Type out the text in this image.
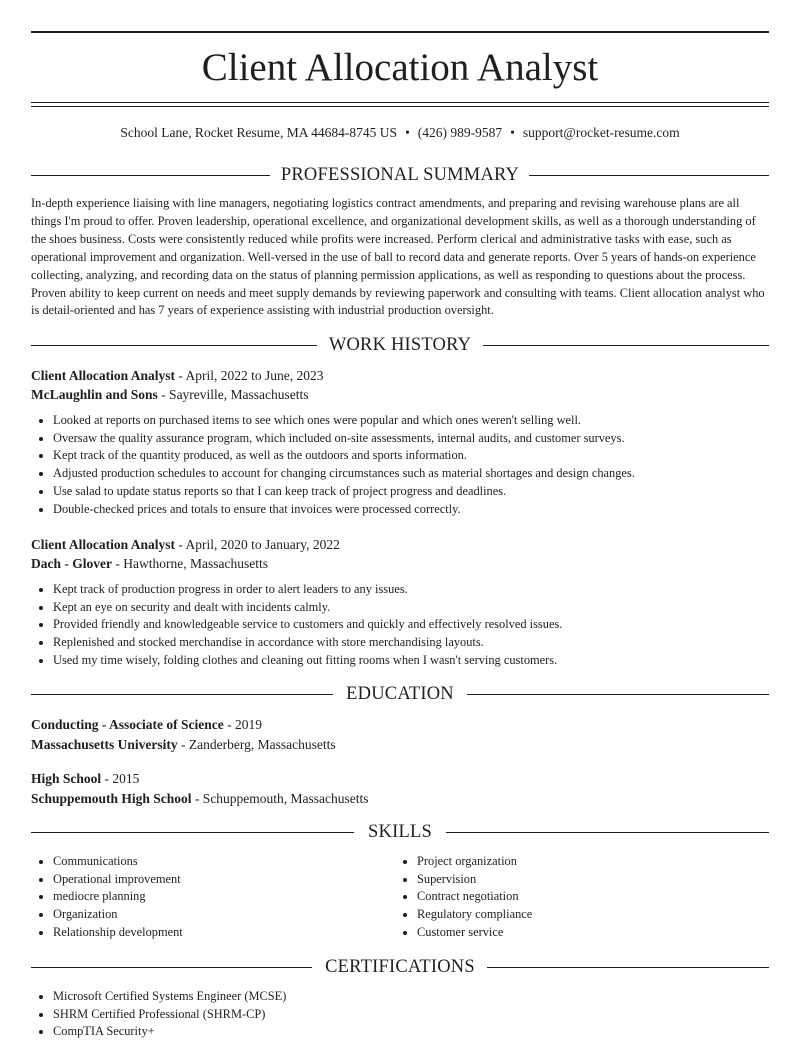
Client Allocation Analyst
School Lane, Rocket Resume, MA 44684-8745 US • (426) 989-9587 • support@rocket-resume.com
PROFESSIONAL SUMMARY
In-depth experience liaising with line managers, negotiating logistics contract amendments, and preparing and revising warehouse plans are all things I'm proud to offer. Proven leadership, operational excellence, and organizational development skills, as well as a thorough understanding of the shoes business. Costs were consistently reduced while profits were increased. Perform clerical and administrative tasks with ease, such as operational improvement and organization. Well-versed in the use of ball to record data and generate reports. Over 5 years of hands-on experience collecting, analyzing, and recording data on the status of planning permission applications, as well as responding to questions about the process. Proven ability to keep current on needs and meet supply demands by reviewing paperwork and consulting with teams. Client allocation analyst who is detail-oriented and has 7 years of experience assisting with industrial production oversight.
WORK HISTORY
Client Allocation Analyst - April, 2022 to June, 2023
McLaughlin and Sons - Sayreville, Massachusetts
• Looked at reports on purchased items to see which ones were popular and which ones weren't selling well.
• Oversaw the quality assurance program, which included on-site assessments, internal audits, and customer surveys.
• Kept track of the quantity produced, as well as the outdoors and sports information.
• Adjusted production schedules to account for changing circumstances such as material shortages and design changes.
• Use salad to update status reports so that I can keep track of project progress and deadlines.
• Double-checked prices and totals to ensure that invoices were processed correctly.
Client Allocation Analyst - April, 2020 to January, 2022
Dach - Glover - Hawthorne, Massachusetts
• Kept track of production progress in order to alert leaders to any issues.
• Kept an eye on security and dealt with incidents calmly.
• Provided friendly and knowledgeable service to customers and quickly and effectively resolved issues.
• Replenished and stocked merchandise in accordance with store merchandising layouts.
• Used my time wisely, folding clothes and cleaning out fitting rooms when I wasn't serving customers.
EDUCATION
Conducting - Associate of Science - 2019
Massachusetts University - Zanderberg, Massachusetts
High School - 2015
Schuppemouth High School - Schuppemouth, Massachusetts
SKILLS
• Communications
• Operational improvement
• mediocre planning
• Organization
• Relationship development
• Project organization
• Supervision
• Contract negotiation
• Regulatory compliance
• Customer service
CERTIFICATIONS
• Microsoft Certified Systems Engineer (MCSE)
• SHRM Certified Professional (SHRM-CP)
• CompTIA Security+
